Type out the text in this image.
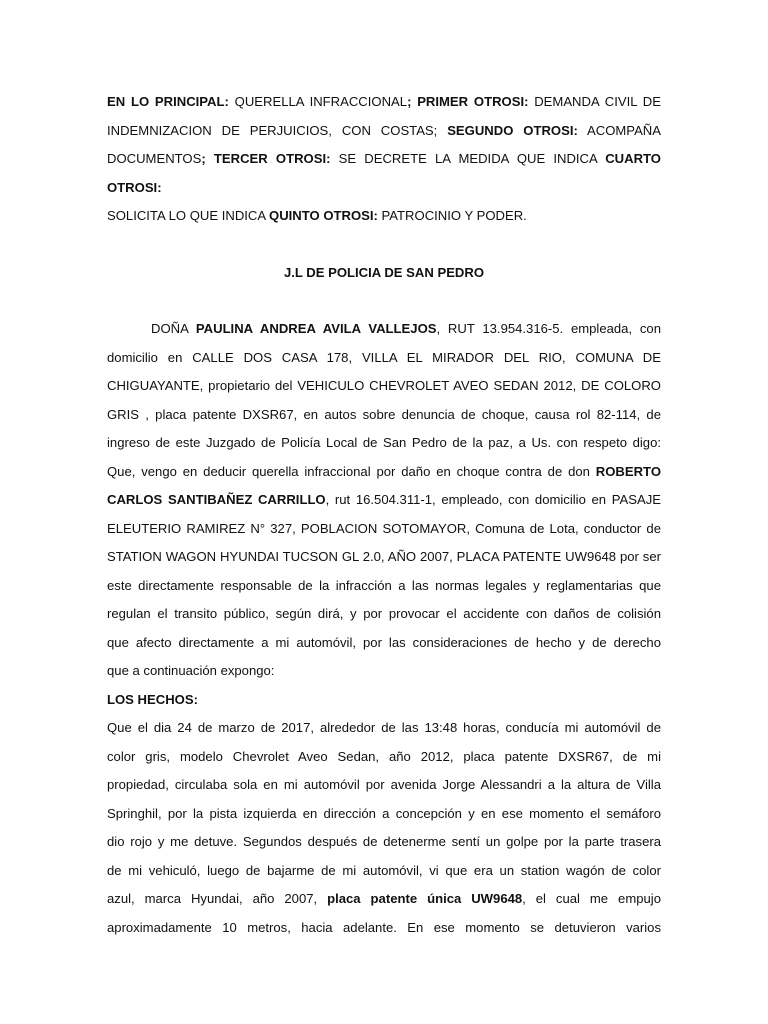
EN LO PRINCIPAL: QUERELLA INFRACCIONAL; PRIMER OTROSI: DEMANDA CIVIL DE

INDEMNIZACION DE PERJUICIOS, CON COSTAS; SEGUNDO OTROSI: ACOMPAÑA

DOCUMENTOS; TERCER OTROSI: SE DECRETE LA MEDIDA QUE INDICA CUARTO OTROSI:

SOLICITA LO QUE INDICA QUINTO OTROSI: PATROCINIO Y PODER.

J.L DE POLICIA DE SAN PEDRO

DOÑA PAULINA ANDREA AVILA VALLEJOS, RUT 13.954.316-5. empleada, con

domicilio en CALLE DOS CASA 178, VILLA EL MIRADOR DEL RIO, COMUNA DE

CHIGUAYANTE, propietario del VEHICULO CHEVROLET AVEO SEDAN 2012, DE COLORO

GRIS , placa patente DXSR67, en autos sobre denuncia de choque, causa rol 82-114, de

ingreso de este Juzgado de Policía Local de San Pedro de la paz, a Us. con respeto digo:

Que, vengo en deducir querella infraccional por daño en choque contra de don ROBERTO

CARLOS SANTIBAÑEZ CARRILLO, rut 16.504.311-1, empleado, con domicilio en PASAJE

ELEUTERIO RAMIREZ N° 327, POBLACION SOTOMAYOR, Comuna de Lota, conductor de

STATION WAGON HYUNDAI TUCSON GL 2.0, AÑO 2007, PLACA PATENTE UW9648 por ser

este directamente responsable de la infracción a las normas legales y reglamentarias que

regulan el transito público, según dirá, y por provocar el accidente con daños de colisión

que afecto directamente a mi automóvil, por las consideraciones de hecho y de derecho

que a continuación expongo:

LOS HECHOS:

Que el dia 24 de marzo de 2017, alrededor de las 13:48 horas, conducía mi automóvil de

color gris, modelo Chevrolet Aveo Sedan, año 2012, placa patente DXSR67, de mi

propiedad, circulaba sola en mi automóvil por avenida Jorge Alessandri a la altura de Villa

Springhil, por la pista izquierda en dirección a concepción y en ese momento el semáforo

dio rojo y me detuve. Segundos después de detenerme sentí un golpe por la parte trasera

de mi vehiculó, luego de bajarme de mi automóvil, vi que era un station wagón de color

azul, marca Hyundai, año 2007, placa patente única UW9648, el cual me empujo

aproximadamente 10 metros, hacia adelante. En ese momento se detuvieron varios
